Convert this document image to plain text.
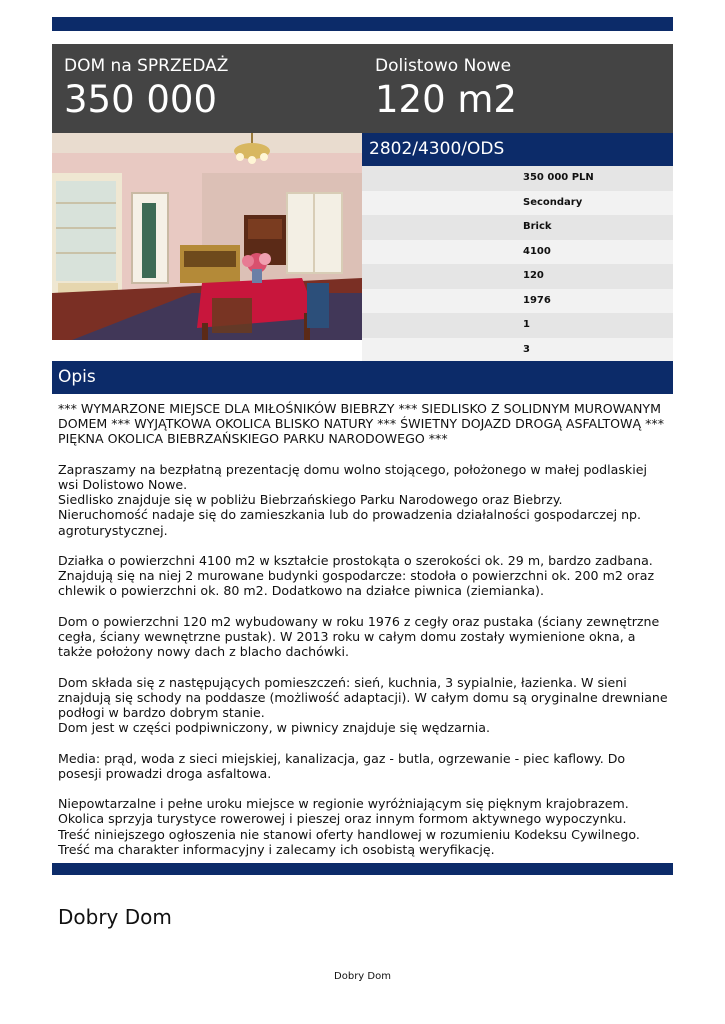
DOM na SPRZEDAŻ
350 000
Dolistowo Nowe
120 m2
2802/4300/ODS
350 000 PLN
Secondary
Brick
4100
120
1976
1
3
Opis

*** WYMARZONE MIEJSCE DLA MIŁOŚNIKÓW BIEBRZY *** SIEDLISKO Z SOLIDNYM MUROWANYM DOMEM *** WYJĄTKOWA OKOLICA BLISKO NATURY *** ŚWIETNY DOJAZD DROGĄ ASFALTOWĄ *** PIĘKNA OKOLICA BIEBRZAŃSKIEGO PARKU NARODOWEGO ***

Zapraszamy na bezpłatną prezentację domu wolno stojącego, położonego w małej podlaskiej wsi Dolistowo Nowe.

Siedlisko znajduje się w pobliżu Biebrzańskiego Parku Narodowego oraz Biebrzy.

Nieruchomość nadaje się do zamieszkania lub do prowadzenia działalności gospodarczej np. agroturystycznej.

Działka o powierzchni 4100 m2 w kształcie prostokąta o szerokości ok. 29 m, bardzo zadbana. Znajdują się na niej 2 murowane budynki gospodarcze: stodoła o powierzchni ok. 200 m2 oraz chlewik o powierzchni ok. 80 m2. Dodatkowo na działce piwnica (ziemianka).

Dom o powierzchni 120 m2 wybudowany w roku 1976 z cegły oraz pustaka (ściany zewnętrzne cegła, ściany wewnętrzne pustak). W 2013 roku w całym domu zostały wymienione okna, a także położony nowy dach z blacho dachówki.

Dom składa się z następujących pomieszczeń: sień, kuchnia, 3 sypialnie, łazienka. W sieni znajdują się schody na poddasze (możliwość adaptacji). W całym domu są oryginalne drewniane podłogi w bardzo dobrym stanie.

Dom jest w części podpiwniczony, w piwnicy znajduje się wędzarnia.

Media: prąd, woda z sieci miejskiej, kanalizacja, gaz - butla, ogrzewanie - piec kaflowy. Do posesji prowadzi droga asfaltowa.

Niepowtarzalne i pełne uroku miejsce w regionie wyróżniającym się pięknym krajobrazem. Okolica sprzyja turystyce rowerowej i pieszej oraz innym formom aktywnego wypoczynku.

Treść niniejszego ogłoszenia nie stanowi oferty handlowej w rozumieniu Kodeksu Cywilnego. Treść ma charakter informacyjny i zalecamy ich osobistą weryfikację.

Dobry Dom
Dobry Dom
